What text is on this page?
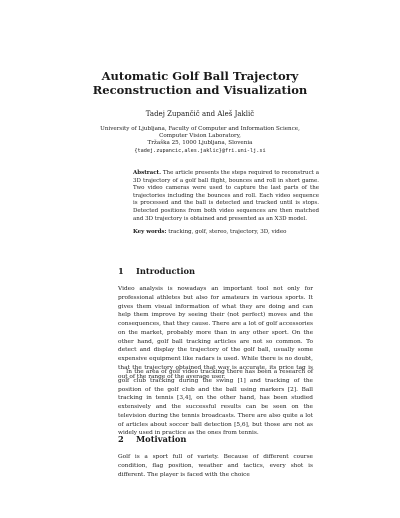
Automatic Golf Ball Trajectory
Reconstruction and Visualization
Tadej Zupančič and Aleš Jaklič
University of Ljubljana, Faculty of Computer and Information Science,
Computer Vision Laboratory,
Tržaška 25, 1000 Ljubljana, Slovenia
{tadej.zupancic,ales.jaklic}@fri.uni-lj.si
Abstract. The article presents the steps required to reconstruct a 3D trajectory of a golf ball flight, bounces and roll in short game. Two video cameras were used to capture the last parts of the trajectories including the bounces and roll. Each video sequence is processed and the ball is detected and tracked until is stops. Detected positions from both video sequences are then matched and 3D trajectory is obtained and presented as an X3D model.
Key words: tracking, golf, stereo, trajectory, 3D, video
1 Introduction
Video analysis is nowadays an important tool not only for professional athletes but also for amateurs in various sports. It gives them visual information of what they are doing and can help them improve by seeing their (not perfect) moves and the consequences, that they cause. There are a lot of golf accessories on the market, probably more than in any other sport. On the other hand, golf ball tracking articles are not so common. To detect and display the trajectory of the golf ball, usually some expensive equipment like radars is used. While there is no doubt, that the trajectory obtained that way is accurate, its price tag is out of the range of the average user.
In the area of golf video tracking there has been a research of golf club tracking during the swing [1] and tracking of the position of the golf club and the ball using markers [2]. Ball tracking in tennis [3,4], on the other hand, has been studied extensively and the successful results can be seen on the television during the tennis broadcasts. There are also quite a lot of articles about soccer ball detection [5,6], but those are not as widely used in practice as the ones from tennis.
2 Motivation
Golf is a sport full of variety. Because of different course condition, flag position, weather and tactics, every shot is different. The player is faced with the choice
